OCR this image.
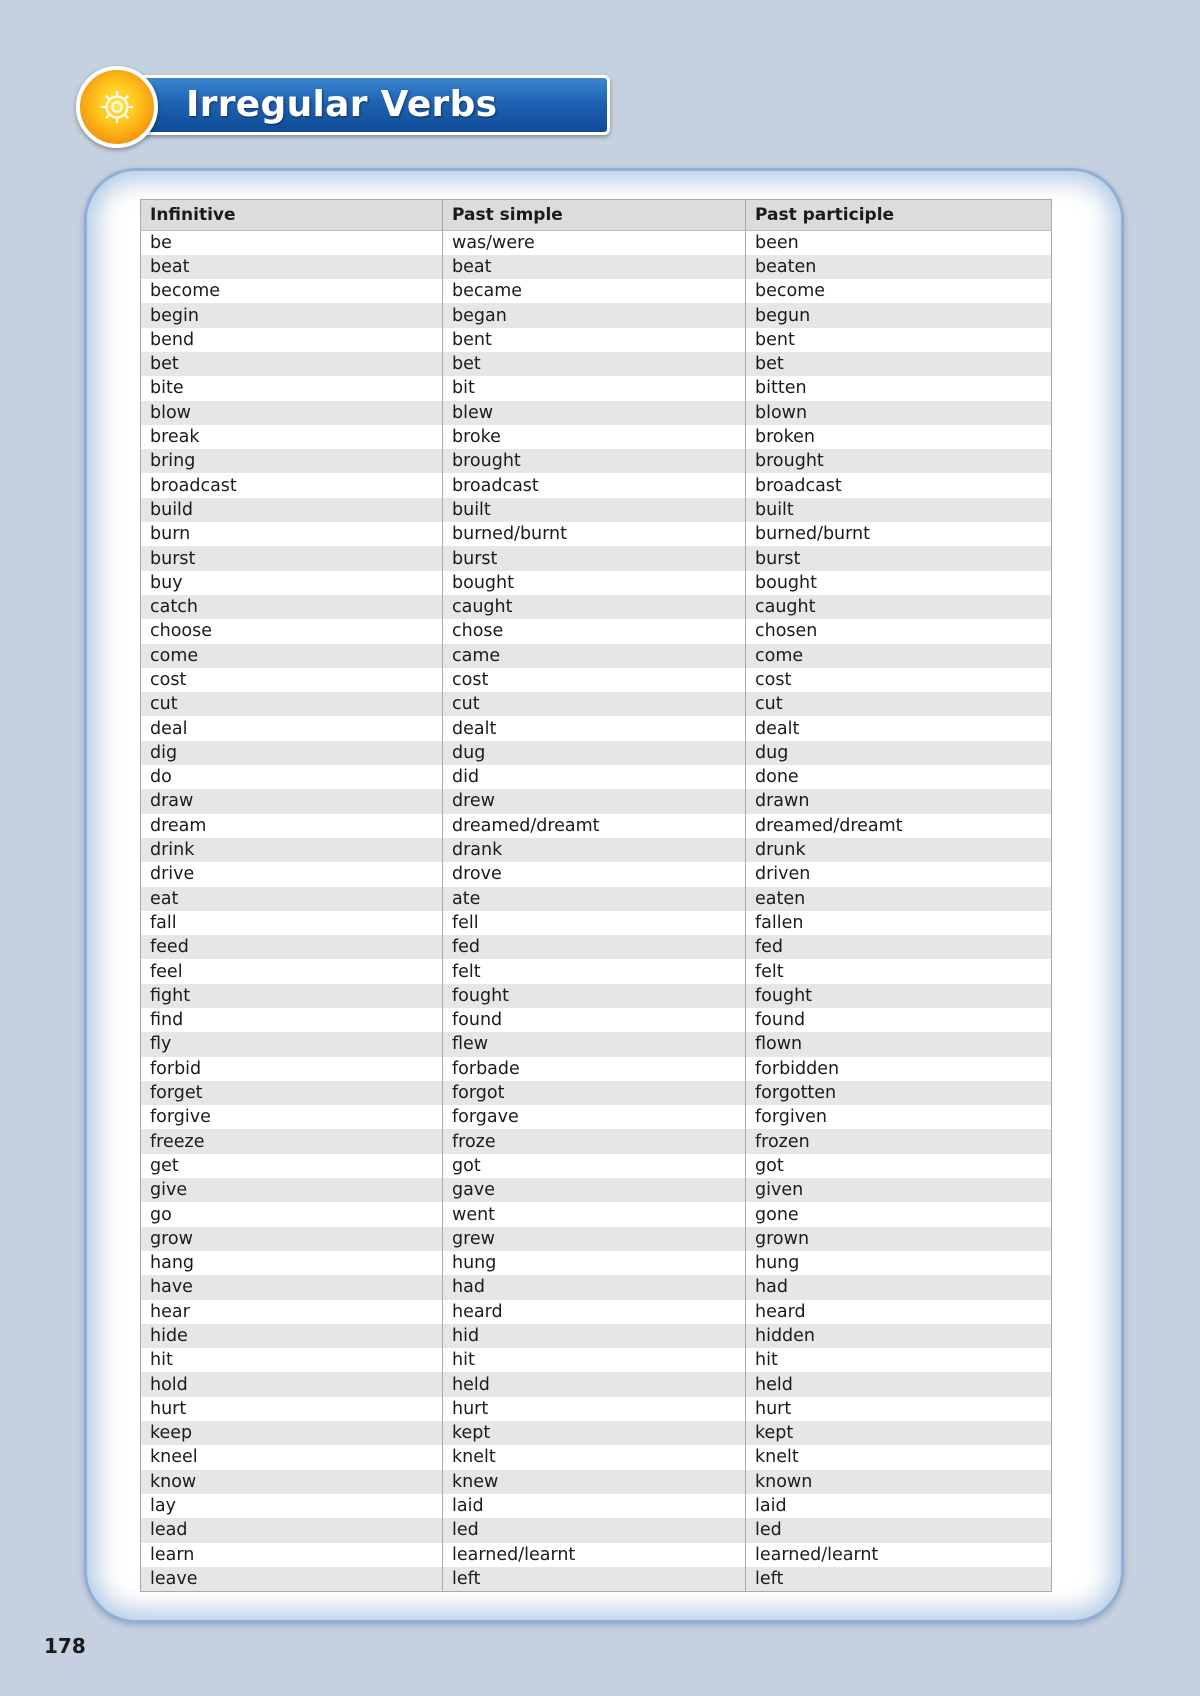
Irregular Verbs
Infinitive	Past simple	Past participle
be	was/were	been
beat	beat	beaten
become	became	become
begin	began	begun
bend	bent	bent
bet	bet	bet
bite	bit	bitten
blow	blew	blown
break	broke	broken
bring	brought	brought
broadcast	broadcast	broadcast
build	built	built
burn	burned/burnt	burned/burnt
burst	burst	burst
buy	bought	bought
catch	caught	caught
choose	chose	chosen
come	came	come
cost	cost	cost
cut	cut	cut
deal	dealt	dealt
dig	dug	dug
do	did	done
draw	drew	drawn
dream	dreamed/dreamt	dreamed/dreamt
drink	drank	drunk
drive	drove	driven
eat	ate	eaten
fall	fell	fallen
feed	fed	fed
feel	felt	felt
fight	fought	fought
find	found	found
fly	flew	flown
forbid	forbade	forbidden
forget	forgot	forgotten
forgive	forgave	forgiven
freeze	froze	frozen
get	got	got
give	gave	given
go	went	gone
grow	grew	grown
hang	hung	hung
have	had	had
hear	heard	heard
hide	hid	hidden
hit	hit	hit
hold	held	held
hurt	hurt	hurt
keep	kept	kept
kneel	knelt	knelt
know	knew	known
lay	laid	laid
lead	led	led
learn	learned/learnt	learned/learnt
leave	left	left
178
